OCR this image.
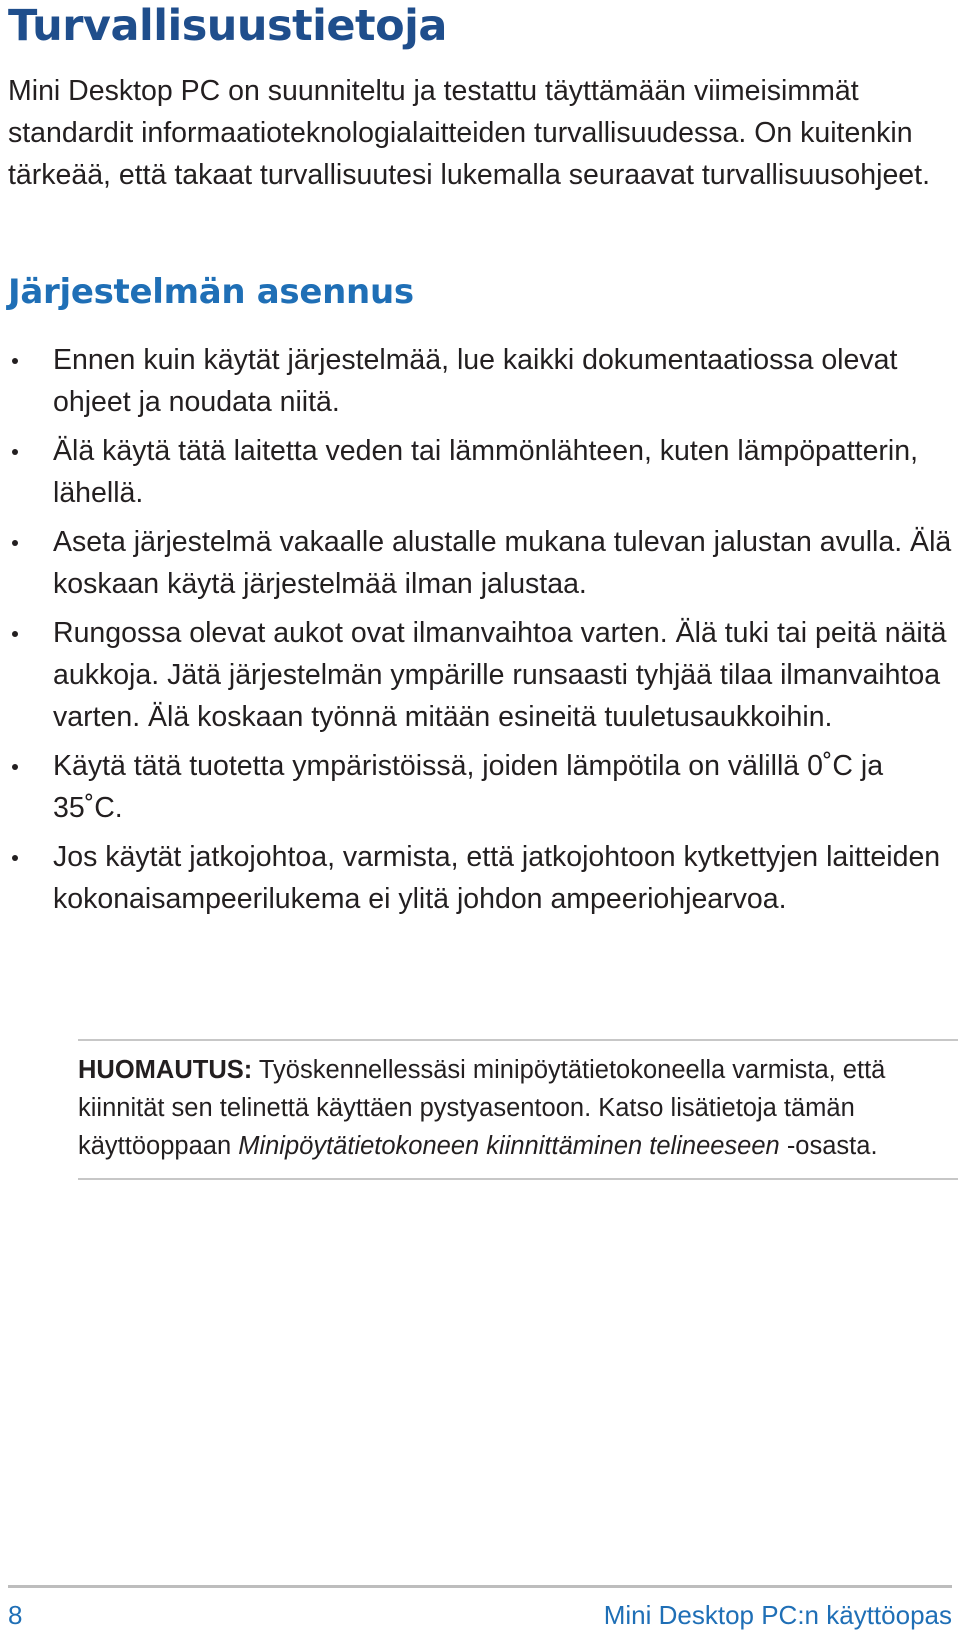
Turvallisuustietoja

Mini Desktop PC on suunniteltu ja testattu täyttämään viimeisimmät standardit informaatioteknologialaitteiden turvallisuudessa. On kuitenkin tärkeää, että takaat turvallisuutesi lukemalla seuraavat turvallisuusohjeet.

Järjestelmän asennus
Ennen kuin käytät järjestelmää, lue kaikki dokumentaatiossa olevat ohjeet ja noudata niitä.
Älä käytä tätä laitetta veden tai lämmönlähteen, kuten lämpöpatterin, lähellä.
Aseta järjestelmä vakaalle alustalle mukana tulevan jalustan avulla. Älä koskaan käytä järjestelmää ilman jalustaa.
Rungossa olevat aukot ovat ilmanvaihtoa varten. Älä tuki tai peitä näitä aukkoja. Jätä järjestelmän ympärille runsaasti tyhjää tilaa ilmanvaihtoa varten. Älä koskaan työnnä mitään esineitä tuuletusaukkoihin.
Käytä tätä tuotetta ympäristöissä, joiden lämpötila on välillä 0˚C ja 35˚C.
Jos käytät jatkojohtoa, varmista, että jatkojohtoon kytkettyjen laitteiden kokonaisampeerilukema ei ylitä johdon ampeeriohjearvoa.

HUOMAUTUS: Työskennellessäsi minipöytätietokoneella varmista, että kiinnität sen telinettä käyttäen pystyasentoon. Katso lisätietoja tämän käyttöoppaan Minipöytätietokoneen kiinnittäminen telineeseen -osasta.

8	Mini Desktop PC:n käyttöopas
